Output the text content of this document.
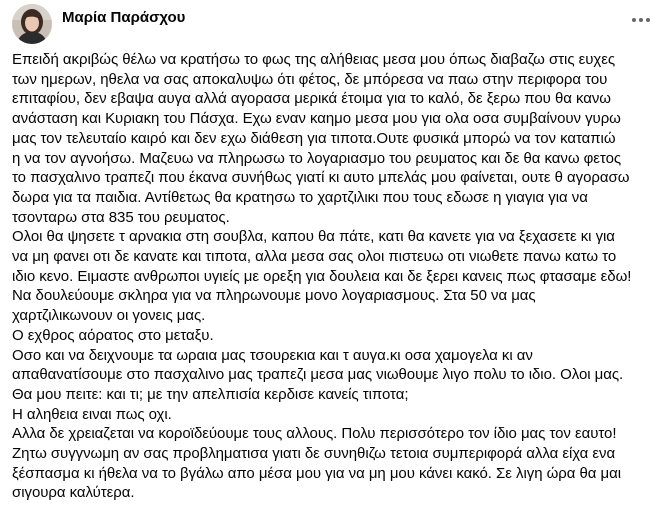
Μαρία Παράσχου

Επειδή ακριβώς θέλω να κρατήσω το φως της αλήθειας μεσα μου όπως διαβαζω στις ευχες

των ημερων, ηθελα να σας αποκαλυψω ότι φέτος, δε μπόρεσα να παω στην περιφορα του

επιταφίου, δεν εβαψα αυγα αλλά αγορασα μερικά έτοιμα για το καλό, δε ξερω που θα κανω

ανάσταση και Κυριακη του Πάσχα. Εχω εναν καημο μεσα μου για ολα οσα συμβαίνουν γυρω

μας τον τελευταίο καιρό και δεν εχω διάθεση για τιποτα.Ουτε φυσικά μπορώ να τον καταπιώ

η να τον αγνοήσω. Μαζευω να πληρωσω το λογαριασμο του ρευματος και δε θα κανω φετος

το πασχαλινο τραπεζι που έκανα συνήθως γιατί κι αυτο μπελάς μου φαίνεται, ουτε θ αγορασω

δωρα για τα παιδια. Αντίθετως θα κρατησω το χαρτζιλικι που τους εδωσε η γιαγια για να

τσονταρω στα 835 του ρευματος.

Ολοι θα ψησετε τ αρνακια στη σουβλα, καπου θα πάτε, κατι θα κανετε για να ξεχασετε κι για

να μη φανει οτι δε κανατε και τιποτα, αλλα μεσα σας ολοι πιστευω οτι νιωθετε πανω κατω το

ιδιο κενο. Ειμαστε ανθρωποι υγιείς με ορεξη για δουλεια και δε ξερει κανεις πως φτασαμε εδω!

Να δουλεύουμε σκληρα για να πληρωνουμε μονο λογαριασμους. Στα 50 να μας

χαρτζιλικωνουν οι γονεις μας.

Ο εχθρος αόρατος στο μεταξυ.

Οσο και να δειχνουμε τα ωραια μας τσουρεκια και τ αυγα.κι οσα χαμογελα κι αν

απαθανατίσουμε στο πασχαλινο μας τραπεζι μεσα μας νιωθουμε λιγο πολυ το ιδιο. Ολοι μας.

Θα μου πειτε: και τι; με την απελπισία κερδισε κανείς τιποτα;

Η αληθεια ειναι πως οχι.

Αλλα δε χρειαζεται να κοροϊδεύουμε τους αλλους. Πολυ περισσότερο τον ίδιο μας τον εαυτο!

Ζητω συγγνωμη αν σας προβληματισα γιατι δε συνηθιζω τετοια συμπεριφορά αλλα είχα ενα

ξέσπασμα κι ήθελα να το βγάλω απο μέσα μου για να μη μου κάνει κακό. Σε λιγη ώρα θα μαι

σιγουρα καλύτερα.
